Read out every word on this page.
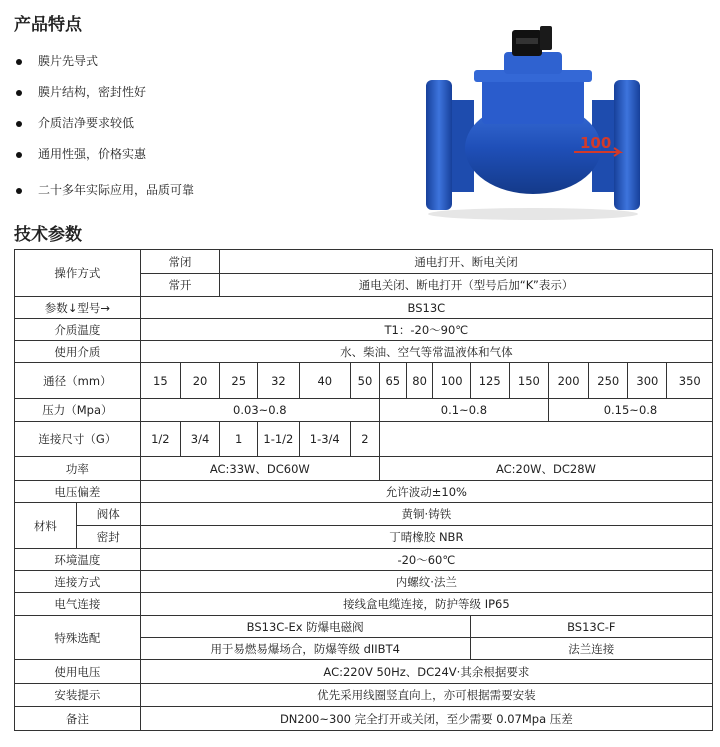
产品特点
膜片先导式
膜片结构，密封性好
介质洁净要求较低
通用性强，价格实惠
二十多年实际应用，品质可靠
100
技术参数
操作方式		常闭		通电打开、断电关闭												
		常开		通电关闭、断电打开（型号后加“K”表示）												
参数↓型号→		BS13C														
介质温度		T1：-20～90℃														
使用介质		水、柴油、空气等常温液体和气体														
通径（mm）		15	20	25	32	40	50	65	80	100	125	150	200	250	300	350
压力（Mpa）		0.03~0.8						0.1~0.8					0.15~0.8			
连接尺寸（G）		1/2	3/4	1	1-1/2	1-3/4	2									
功率		AC:33W、DC60W						AC:20W、DC28W								
电压偏差		允许波动±10%														
材料	阀体	黄铜·铸铁														
	密封	丁晴橡胶 NBR														
环境温度		-20～60℃														
连接方式		内螺纹·法兰														
电气连接		接线盒电缆连接，防护等级 IP65														
特殊选配		BS13C-Ex 防爆电磁阀									BS13C-F					
		用于易燃易爆场合，防爆等级 dIIBT4									法兰连接					
使用电压		AC:220V 50Hz、DC24V·其余根据要求														
安装提示		优先采用线圈竖直向上，亦可根据需要安装														
备注		DN200~300 完全打开或关闭，至少需要 0.07Mpa 压差														
